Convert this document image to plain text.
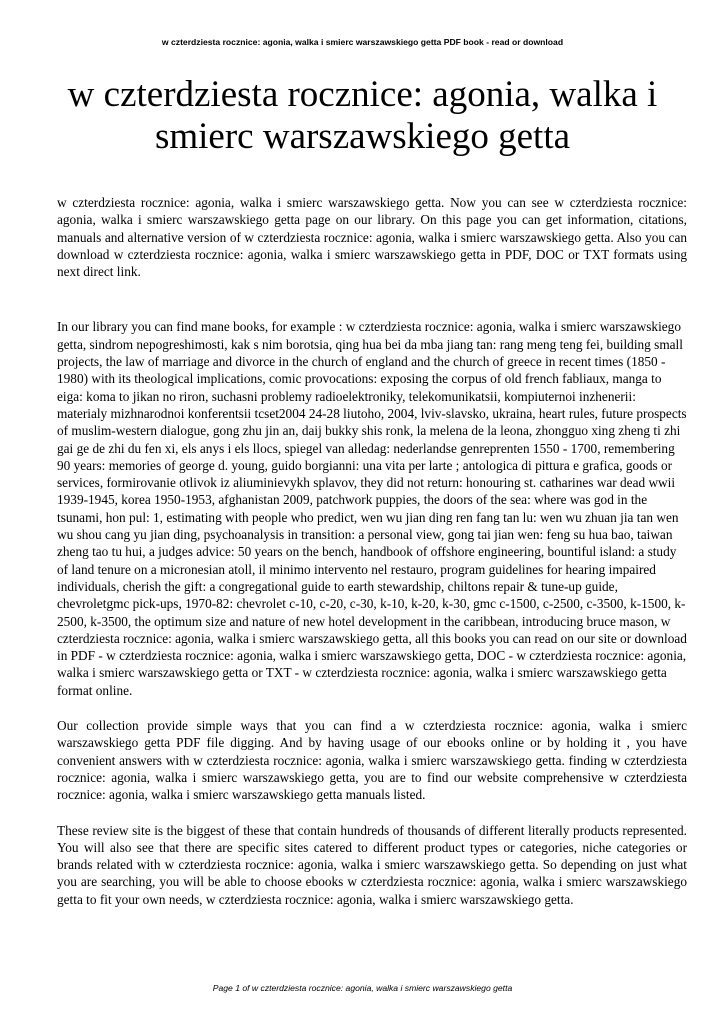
w czterdziesta rocznice: agonia, walka i smierc warszawskiego getta PDF book - read or download
w czterdziesta rocznice: agonia, walka i smierc warszawskiego getta

w czterdziesta rocznice: agonia, walka i smierc warszawskiego getta. Now you can see w czterdziesta rocznice: agonia, walka i smierc warszawskiego getta page on our library. On this page you can get information, citations, manuals and alternative version of w czterdziesta rocznice: agonia, walka i smierc warszawskiego getta. Also you can download w czterdziesta rocznice: agonia, walka i smierc warszawskiego getta in PDF, DOC or TXT formats using next direct link.

In our library you can find mane books, for example : w czterdziesta rocznice: agonia, walka i smierc warszawskiego getta, sindrom nepogreshimosti, kak s nim borotsia, qing hua bei da mba jiang tan: rang meng teng fei, building small projects, the law of marriage and divorce in the church of england and the church of greece in recent times (1850 - 1980) with its theological implications, comic provocations: exposing the corpus of old french fabliaux, manga to eiga: koma to jikan no riron, suchasni problemy radioelektroniky, telekomunikatsii, kompiuternoi inzhenerii: materialy mizhnarodnoi konferentsii tcset2004 24-28 liutoho, 2004, lviv-slavsko, ukraina, heart rules, future prospects of muslim-western dialogue, gong zhu jin an, daij bukky shis ronk, la melena de la leona, zhongguo xing zheng ti zhi gai ge de zhi du fen xi, els anys i els llocs, spiegel van alledag: nederlandse genreprenten 1550 - 1700, remembering 90 years: memories of george d. young, guido borgianni: una vita per larte ; antologica di pittura e grafica, goods or services, formirovanie otlivok iz aliuminievykh splavov, they did not return: honouring st. catharines war dead wwii 1939-1945, korea 1950-1953, afghanistan 2009, patchwork puppies, the doors of the sea: where was god in the tsunami, hon pul: 1, estimating with people who predict, wen wu jian ding ren fang tan lu: wen wu zhuan jia tan wen wu shou cang yu jian ding, psychoanalysis in transition: a personal view, gong tai jian wen: feng su hua bao, taiwan zheng tao tu hui, a judges advice: 50 years on the bench, handbook of offshore engineering, bountiful island: a study of land tenure on a micronesian atoll, il minimo intervento nel restauro, program guidelines for hearing impaired individuals, cherish the gift: a congregational guide to earth stewardship, chiltons repair & tune-up guide, chevroletgmc pick-ups, 1970-82: chevrolet c-10, c-20, c-30, k-10, k-20, k-30, gmc c-1500, c-2500, c-3500, k-1500, k-2500, k-3500, the optimum size and nature of new hotel development in the caribbean, introducing bruce mason, w czterdziesta rocznice: agonia, walka i smierc warszawskiego getta, all this books you can read on our site or download in PDF - w czterdziesta rocznice: agonia, walka i smierc warszawskiego getta, DOC - w czterdziesta rocznice: agonia, walka i smierc warszawskiego getta or TXT - w czterdziesta rocznice: agonia, walka i smierc warszawskiego getta format online.

Our collection provide simple ways that you can find a w czterdziesta rocznice: agonia, walka i smierc warszawskiego getta PDF file digging. And by having usage of our ebooks online or by holding it , you have convenient answers with w czterdziesta rocznice: agonia, walka i smierc warszawskiego getta. finding w czterdziesta rocznice: agonia, walka i smierc warszawskiego getta, you are to find our website comprehensive w czterdziesta rocznice: agonia, walka i smierc warszawskiego getta manuals listed.

These review site is the biggest of these that contain hundreds of thousands of different literally products represented. You will also see that there are specific sites catered to different product types or categories, niche categories or brands related with w czterdziesta rocznice: agonia, walka i smierc warszawskiego getta. So depending on just what you are searching, you will be able to choose ebooks w czterdziesta rocznice: agonia, walka i smierc warszawskiego getta to fit your own needs, w czterdziesta rocznice: agonia, walka i smierc warszawskiego getta.

Page 1 of w czterdziesta rocznice: agonia, walka i smierc warszawskiego getta
